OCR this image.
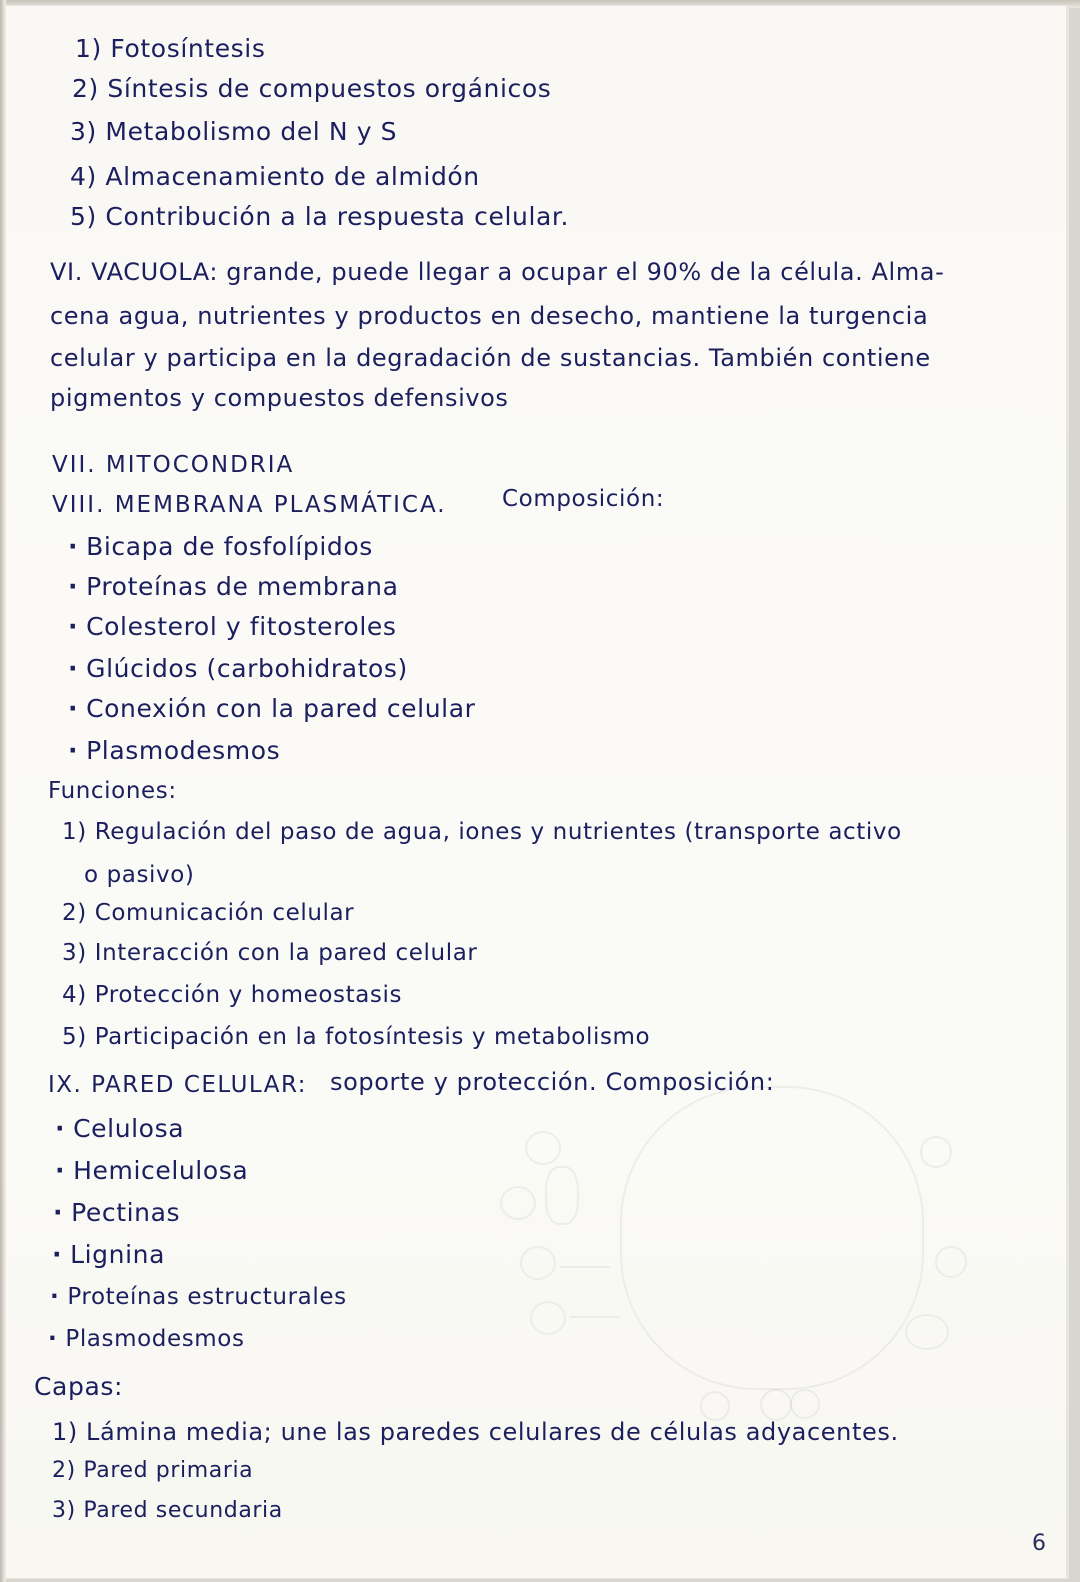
1) Fotosíntesis
2) Síntesis de compuestos orgánicos
3) Metabolismo del N y S
4) Almacenamiento de almidón
5) Contribución a la respuesta celular.
VI. VACUOLA: grande, puede llegar a ocupar el 90% de la célula. Alma-
cena agua, nutrientes y productos en desecho, mantiene la turgencia
celular y participa en la degradación de sustancias. También contiene
pigmentos y compuestos defensivos
VII. MITOCONDRIA
VIII. MEMBRANA PLASMÁTICA. Composición:
· Bicapa de fosfolípidos
· Proteínas de membrana
· Colesterol y fitosteroles
· Glúcidos (carbohidratos)
· Conexión con la pared celular
· Plasmodesmos
Funciones:
1) Regulación del paso de agua, iones y nutrientes (transporte activo
o pasivo)
2) Comunicación celular
3) Interacción con la pared celular
4) Protección y homeostasis
5) Participación en la fotosíntesis y metabolismo
IX. PARED CELULAR: soporte y protección. Composición:
· Celulosa
· Hemicelulosa
· Pectinas
· Lignina
· Proteínas estructurales
· Plasmodesmos
Capas:
1) Lámina media; une las paredes celulares de células adyacentes.
2) Pared primaria
3) Pared secundaria
6
